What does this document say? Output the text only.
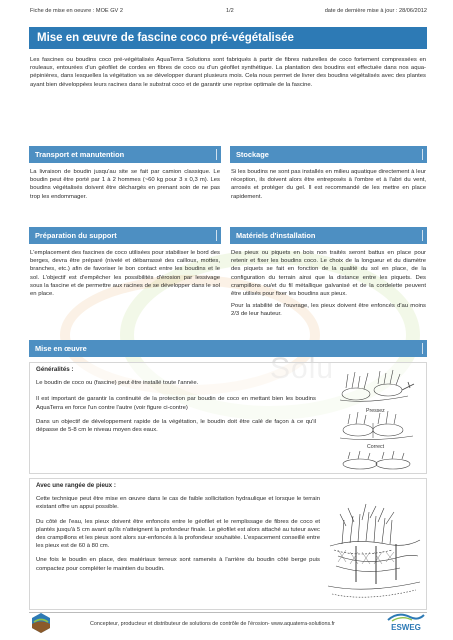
Fiche de mise en oeuvre : MOE GV 2	1/2	date de dernière mise à jour : 28/06/2012
Mise en œuvre de fascine coco pré-végétalisée
Les fascines ou boudins coco pré-végétalisés AquaTerra Solutions sont fabriqués à partir de fibres naturelles de coco fortement compressées en rouleaux, entourées d'un géofilet de cordes en fibres de coco ou d'un géofilet synthétique. La plantation des boudins est effectuée dans nos aqua-pépinières, dans lesquelles la végétation va se développer durant plusieurs mois. Cela nous permet de livrer des boudins végétalisés avec des plantes ayant bien développées leurs racines dans le substrat coco et de garantir une reprise optimale de la fascine.
Transport et manutention
La livraison de boudin jusqu'au site se fait par camion classique. Le boudin peut être porté par 1 à 2 hommes (~60 kg pour 3 x 0,3 m). Les boudins végétalisés doivent être déchargés en prenant soin de ne pas trop les endommager.
Stockage
Si les boudins ne sont pas installés en milieu aquatique directement à leur réception, ils doivent alors être entreposés à l'ombre et à l'abri du vent, arrosés et protéger du gel. Il est recommandé de les mettre en place rapidement.
Préparation du support
L'emplacement des fascines de coco utilisées pour stabiliser le bord des berges, devra être préparé (nivelé et débarrassé des cailloux, mottes, branches, etc.) afin de favoriser le bon contact entre les boudins et le sol. L'objectif est d'empêcher les possibilités d'érosion par lessivage sous la fascine et de permettre aux racines de se développer dans le sol en place.
Matériels d'installation

Des pieux ou piquets en bois non traités seront battus en place pour retenir et fixer les boudins coco. Le choix de la longueur et du diamètre des piquets se fait en fonction de la qualité du sol en place, de la configuration du terrain ainsi que la distance entre les piquets. Des crampillons ou/et du fil métallique galvanisé et de la cordelette peuvent être utilisés pour fixer les boudins aux pieux.

Pour la stabilité de l'ouvrage, les pieux doivent être enfoncés d'au moins 2/3 de leur hauteur.

Mise en œuvre

Généralités :

Le boudin de coco ou (fascine) peut être installé toute l'année.

Il est important de garantir la continuité de la protection par boudin de coco en mettant bien les boudins AquaTerra en force l'un contre l'autre (voir figure ci-contre)

Dans un objectif de développement rapide de la végétation, le boudin doit être calé de façon à ce qu'il dépasse de 5-8 cm le niveau moyen des eaux.

Pressez
Correct

Avec une rangée de pieux :

Cette technique peut être mise en œuvre dans le cas de faible sollicitation hydraulique et lorsque le terrain existant offre un appui possible.

Du côté de l'eau, les pieux doivent être enfoncés entre le géofilet et le remplissage de fibres de coco et plantés jusqu'à 5 cm avant qu'ils n'atteignent la profondeur finale. Le géofilet est alors attaché au tuteur avec des crampillons et les pieux sont alors sur-enfoncés à la profondeur souhaitée. L'espacement conseillé entre les pieux est de 60 à 80 cm.

Une fois le boudin en place, des matériaux terreux sont ramenés à l'arrière du boudin côté berge puis compactez pour compléter le maintien du boudin.

Concepteur, producteur et distributeur de solutions de contrôle de l'érosion- www.aquaterra-solutions.fr	ESWEG
